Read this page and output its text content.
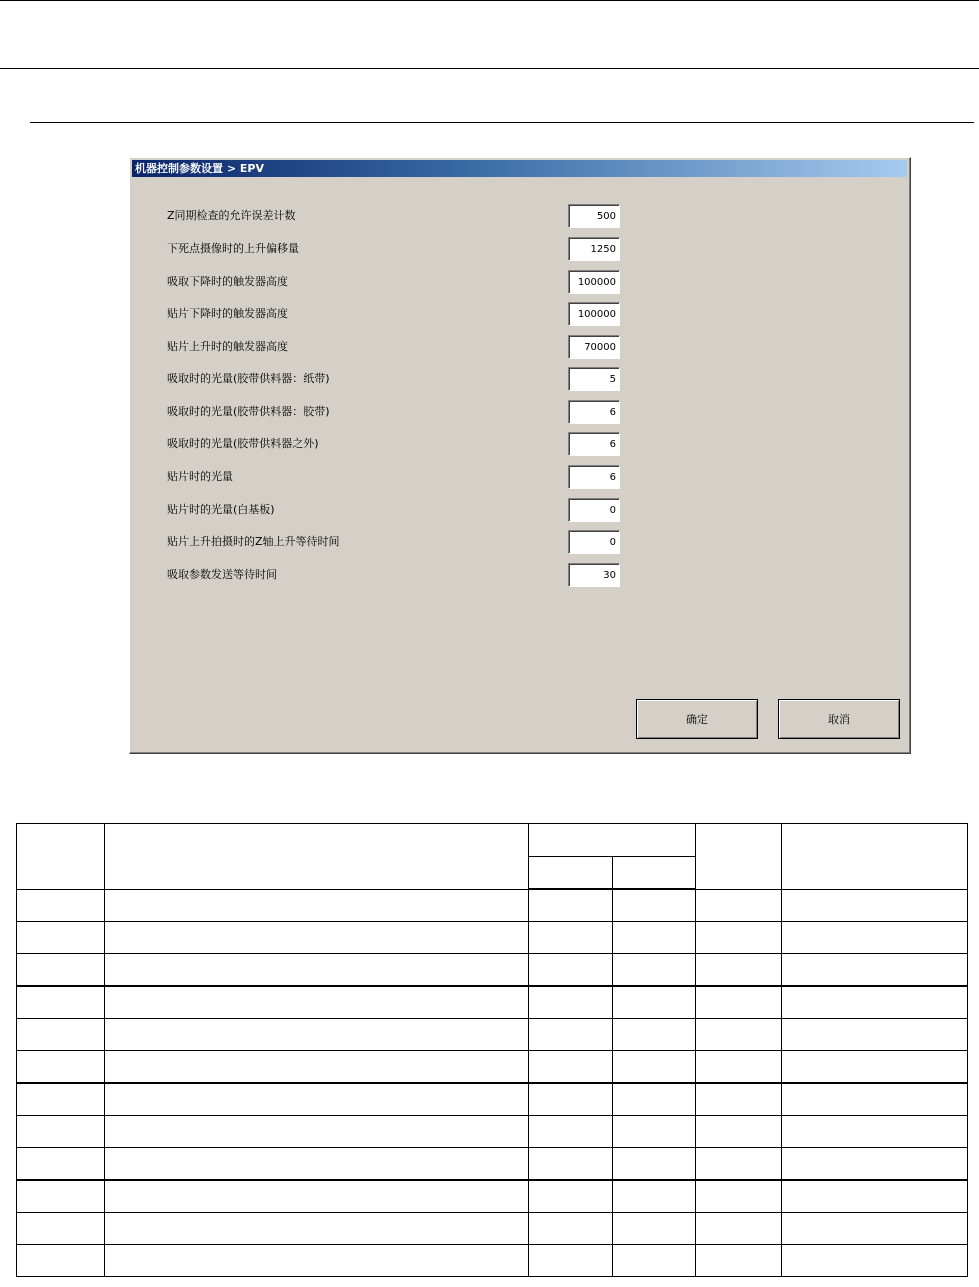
机器控制参数设置 > EPV
Z同期检查的允许误差计数
500
下死点摄像时的上升偏移量
1250
吸取下降时的触发器高度
100000
贴片下降时的触发器高度
100000
贴片上升时的触发器高度
70000
吸取时的光量(胶带供料器：纸带)
5
吸取时的光量(胶带供料器：胶带)
6
吸取时的光量(胶带供料器之外)
6
贴片时的光量
6
贴片时的光量(白基板)
0
贴片上升拍摄时的Z轴上升等待时间
0
吸取参数发送等待时间
30
确定	取消
